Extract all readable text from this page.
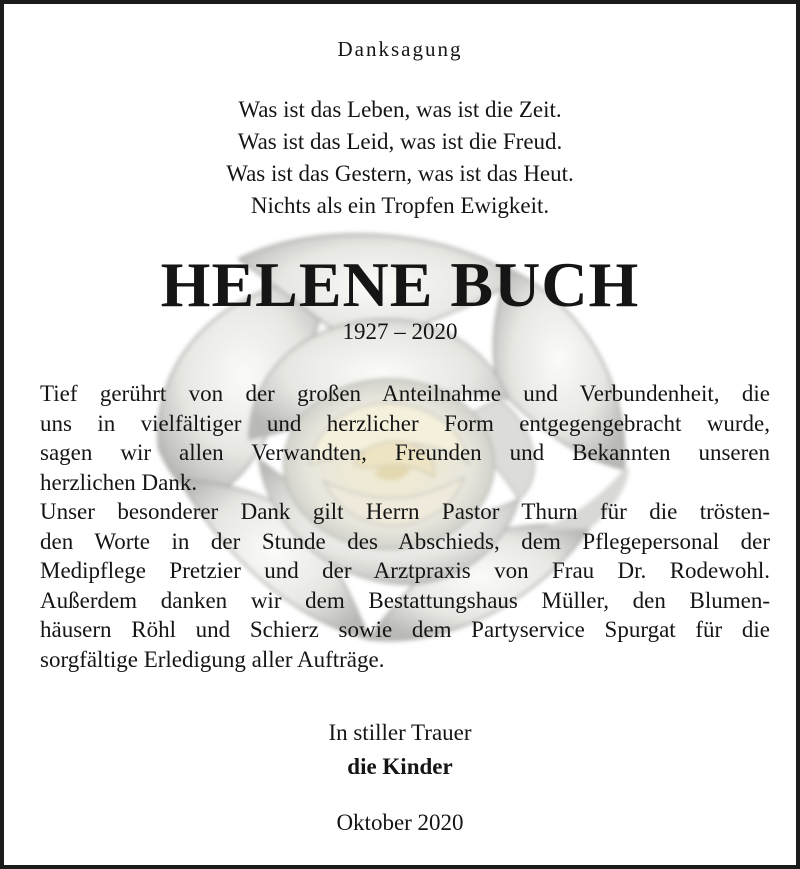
Danksagung
Was ist das Leben, was ist die Zeit.
Was ist das Leid, was ist die Freud.
Was ist das Gestern, was ist das Heut.
Nichts als ein Tropfen Ewigkeit.
HELENE BUCH
1927 – 2020
Tief gerührt von der großen Anteilnahme und Verbundenheit, die
uns in vielfältiger und herzlicher Form entgegengebracht wurde,
sagen wir allen Verwandten, Freunden und Bekannten unseren
herzlichen Dank.
Unser besonderer Dank gilt Herrn Pastor Thurn für die trösten-
den Worte in der Stunde des Abschieds, dem Pflegepersonal der
Medipflege Pretzier und der Arztpraxis von Frau Dr. Rodewohl.
Außerdem danken wir dem Bestattungshaus Müller, den Blumen-
häusern Röhl und Schierz sowie dem Partyservice Spurgat für die
sorgfältige Erledigung aller Aufträge.
In stiller Trauer
die Kinder
Oktober 2020
